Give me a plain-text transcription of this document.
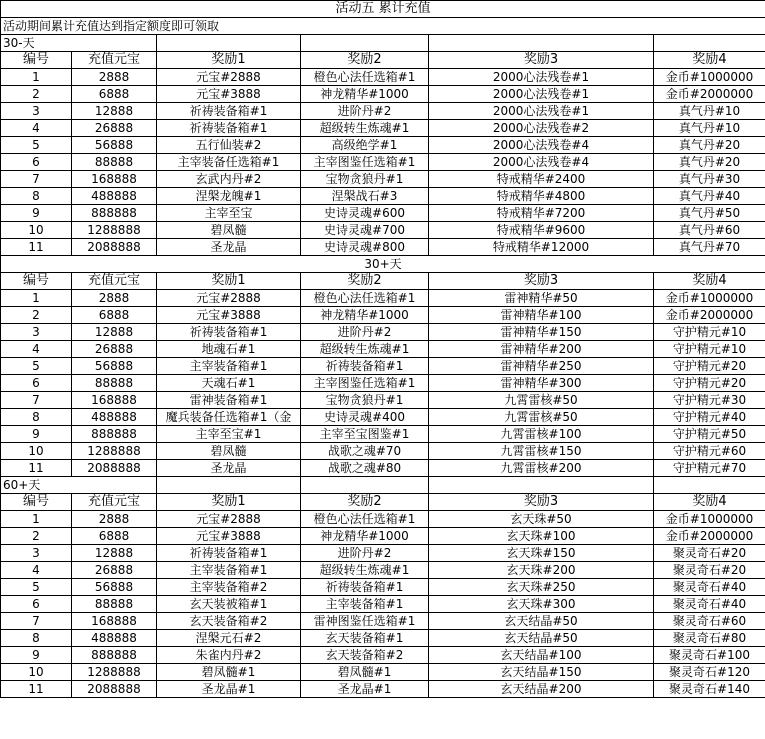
活动五 累计充值					
活动期间累计充值达到指定额度即可领取					
30-天					
编号	充值元宝	奖励1	奖励2	奖励3	奖励4
1	2888	元宝#2888	橙色心法任选箱#1	2000心法残卷#1	金币#1000000
2	6888	元宝#3888	神龙精华#1000	2000心法残卷#1	金币#2000000
3	12888	祈祷装备箱#1	进阶丹#2	2000心法残卷#1	真气丹#10
4	26888	祈祷装备箱#1	超级转生炼魂#1	2000心法残卷#2	真气丹#10
5	56888	五行仙装#2	高级绝学#1	2000心法残卷#4	真气丹#20
6	88888	主宰装备任选箱#1	主宰图鉴任选箱#1	2000心法残卷#4	真气丹#20
7	168888	玄武内丹#2	宝物贪狼丹#1	特戒精华#2400	真气丹#30
8	488888	涅槃龙魄#1	涅槃战石#3	特戒精华#4800	真气丹#40
9	888888	主宰至宝	史诗灵魂#600	特戒精华#7200	真气丹#50
10	1288888	碧凤髓	史诗灵魂#700	特戒精华#9600	真气丹#60
11	2088888	圣龙晶	史诗灵魂#800	特戒精华#12000	真气丹#70
30+天					
编号	充值元宝	奖励1	奖励2	奖励3	奖励4
1	2888	元宝#2888	橙色心法任选箱#1	雷神精华#50	金币#1000000
2	6888	元宝#3888	神龙精华#1000	雷神精华#100	金币#2000000
3	12888	祈祷装备箱#1	进阶丹#2	雷神精华#150	守护精元#10
4	26888	地魂石#1	超级转生炼魂#1	雷神精华#200	守护精元#10
5	56888	主宰装备箱#1	祈祷装备箱#1	雷神精华#250	守护精元#20
6	88888	天魂石#1	主宰图鉴任选箱#1	雷神精华#300	守护精元#20
7	168888	雷神装备箱#1	宝物贪狼丹#1	九霄雷核#50	守护精元#30
8	488888	魔兵装备任选箱#1（金	史诗灵魂#400	九霄雷核#50	守护精元#40
9	888888	主宰至宝#1	主宰至宝图鉴#1	九霄雷核#100	守护精元#50
10	1288888	碧凤髓	战歌之魂#70	九霄雷核#150	守护精元#60
11	2088888	圣龙晶	战歌之魂#80	九霄雷核#200	守护精元#70
60+天					
编号	充值元宝	奖励1	奖励2	奖励3	奖励4
1	2888	元宝#2888	橙色心法任选箱#1	玄天珠#50	金币#1000000
2	6888	元宝#3888	神龙精华#1000	玄天珠#100	金币#2000000
3	12888	祈祷装备箱#1	进阶丹#2	玄天珠#150	聚灵奇石#20
4	26888	主宰装备箱#1	超级转生炼魂#1	玄天珠#200	聚灵奇石#20
5	56888	主宰装备箱#2	祈祷装备箱#1	玄天珠#250	聚灵奇石#40
6	88888	玄天装被箱#1	主宰装备箱#1	玄天珠#300	聚灵奇石#40
7	168888	玄天装备箱#2	雷神图鉴任选箱#1	玄天结晶#50	聚灵奇石#60
8	488888	涅槃元石#2	玄天装备箱#1	玄天结晶#50	聚灵奇石#80
9	888888	朱雀内丹#2	玄天装备箱#2	玄天结晶#100	聚灵奇石#100
10	1288888	碧凤髓#1	碧凤髓#1	玄天结晶#150	聚灵奇石#120
11	2088888	圣龙晶#1	圣龙晶#1	玄天结晶#200	聚灵奇石#140
